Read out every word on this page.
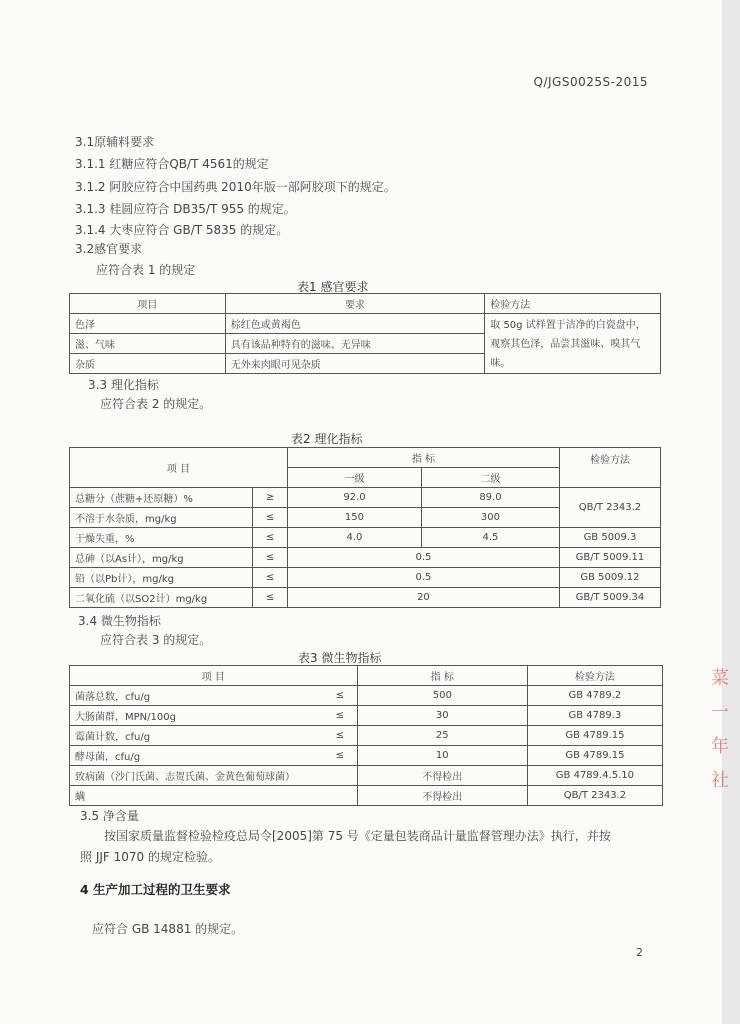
Q/JGS0025S-2015
3.1原辅料要求
3.1.1 红糖应符合QB/T 4561的规定
3.1.2 阿胶应符合中国药典 2010年版一部阿胶项下的规定。
3.1.3 桂圆应符合 DB35/T 955 的规定。
3.1.4 大枣应符合 GB/T 5835 的规定。
3.2感官要求
应符合表 1 的规定
表1 感官要求
项目	要求	检验方法
色泽	棕红色或黄褐色	取 50g 试样置于洁净的白瓷盘中，
观察其色泽，品尝其滋味、嗅其气
味。

滋、气味	具有该品种特有的滋味、无异味	
杂质	无外来肉眼可见杂质	
3.3 理化指标
应符合表 2 的规定。
表2 理化指标
项 目		指 标		检验方法
		一级	二级	
总糖分（蔗糖+还原糖）%	≥	92.0	89.0	QB/T 2343.2
不溶于水杂质，mg/kg	≤	150	300	
干燥失重，%	≤	4.0	4.5	GB 5009.3
总砷（以As计），mg/kg	≤	0.5		GB/T 5009.11
铅（以Pb计），mg/kg	≤	0.5		GB 5009.12
二氧化硫（以SO2计）mg/kg	≤	20		GB/T 5009.34
3.4 微生物指标
应符合表 3 的规定。
表3 微生物指标
项 目		指 标	检验方法
菌落总数，cfu/g	≤	500	GB 4789.2
大肠菌群，MPN/100g	≤	30	GB 4789.3
霉菌计数，cfu/g	≤	25	GB 4789.15
酵母菌，cfu/g	≤	10	GB 4789.15
致病菌（沙门氏菌、志贺氏菌、金黄色葡萄球菌）		不得检出	GB 4789.4.5.10
螨		不得检出	QB/T 2343.2
3.5 净含量
按国家质量监督检验检疫总局令[2005]第 75 号《定量包装商品计量监督管理办法》执行，并按
照 JJF 1070 的规定检验。
4 生产加工过程的卫生要求
应符合 GB 14881 的规定。
2
菜
一
年
社
